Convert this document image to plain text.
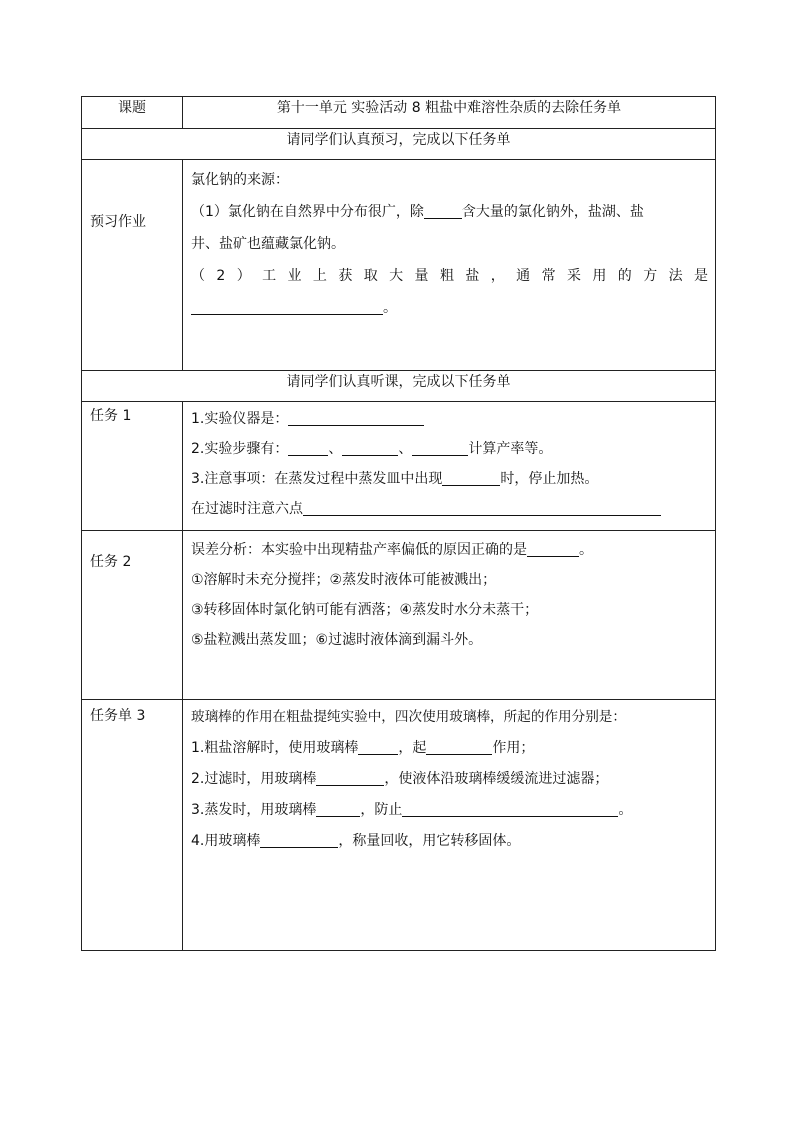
课题	第十一单元 实验活动 8 粗盐中难溶性杂质的去除任务单
请同学们认真预习，完成以下任务单	

预习作业	氯化钠的来源：
（1）氯化钠在自然界中分布很广，除 含大量的氯化钠外，盐湖、盐
井、盐矿也蕴藏氯化钠。
（2）工业上获取大量粗盐，通常采用的方法是
。

请同学们认真听课，完成以下任务单	

任务 1	1.实验仪器是：
2.实验步骤有： 、 、 计算产率等。
3.注意事项：在蒸发过程中蒸发皿中出现 时，停止加热。
在过滤时注意六点

任务 2	误差分析：本实验中出现精盐产率偏低的原因正确的是 。
①溶解时未充分搅拌；②蒸发时液体可能被溅出；
③转移固体时氯化钠可能有洒落；④蒸发时水分未蒸干；
⑤盐粒溅出蒸发皿；⑥过滤时液体滴到漏斗外。

任务单 3	玻璃棒的作用在粗盐提纯实验中，四次使用玻璃棒，所起的作用分别是：
1.粗盐溶解时，使用玻璃棒 ，起 作用；
2.过滤时，用玻璃棒 ，使液体沿玻璃棒缓缓流进过滤器；
3.蒸发时，用玻璃棒 ，防止 。
4.用玻璃棒 ，称量回收，用它转移固体。
